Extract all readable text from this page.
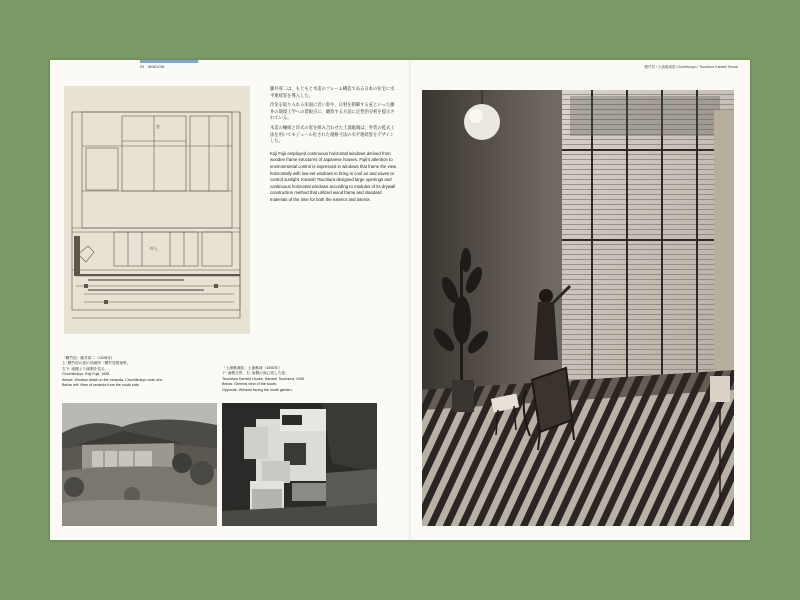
03 · WINDOW	聴竹居 / 土浦亀城邸 Chochikukyo / Tsuchiura Kameki House
窓
押入

藤井厚二は、もともと木造のフレーム構造である日本の住宅に水平連続窓を導入した。

冷気を取り入れる床面に近い窓や、日射を制御する庇といった藤井の環境工学への着眼点に、観察する方法に定性的分析を提示されている。

木造の軸組と洋式の窓を組み合わせた土浦亀城は、外装の乾式工法を用いてモジュール化された規格寸法の水平連続窓をデザインした。

Koji Fujii employed continuous horizontal windows derived from wooden frame structures of Japanese houses. Fujii's attention to environmental control is expressed in windows that frame the view horizontally with low-set windows to bring in cool air and eaves to control sunlight. Kameki Tsuchiura designed large openings and continuous horizontal windows according to modules of its drywall construction method that utilized wood frame and standard materials of the time for both the exterior and interior.

「聴竹居」藤井厚二（1928年）
上: 聴竹居の窓の詳細図「聴竹居図案集」
左下: 南側より縁側を見る。
Chochikukyo, Koji Fujii, 1928
Above: Window detail on the veranda, Chochikukyo zuan-shu
Below left: View of veranda from the south side.
「土浦亀城邸」土浦亀城（1935年）
下: 南側全景、右: 南側の庭に面した窓。
Tsuchiura Kameki House, Kameki Tsuchiura, 1935
Below: General view of the south.
Opposite: Window facing the south garden.
